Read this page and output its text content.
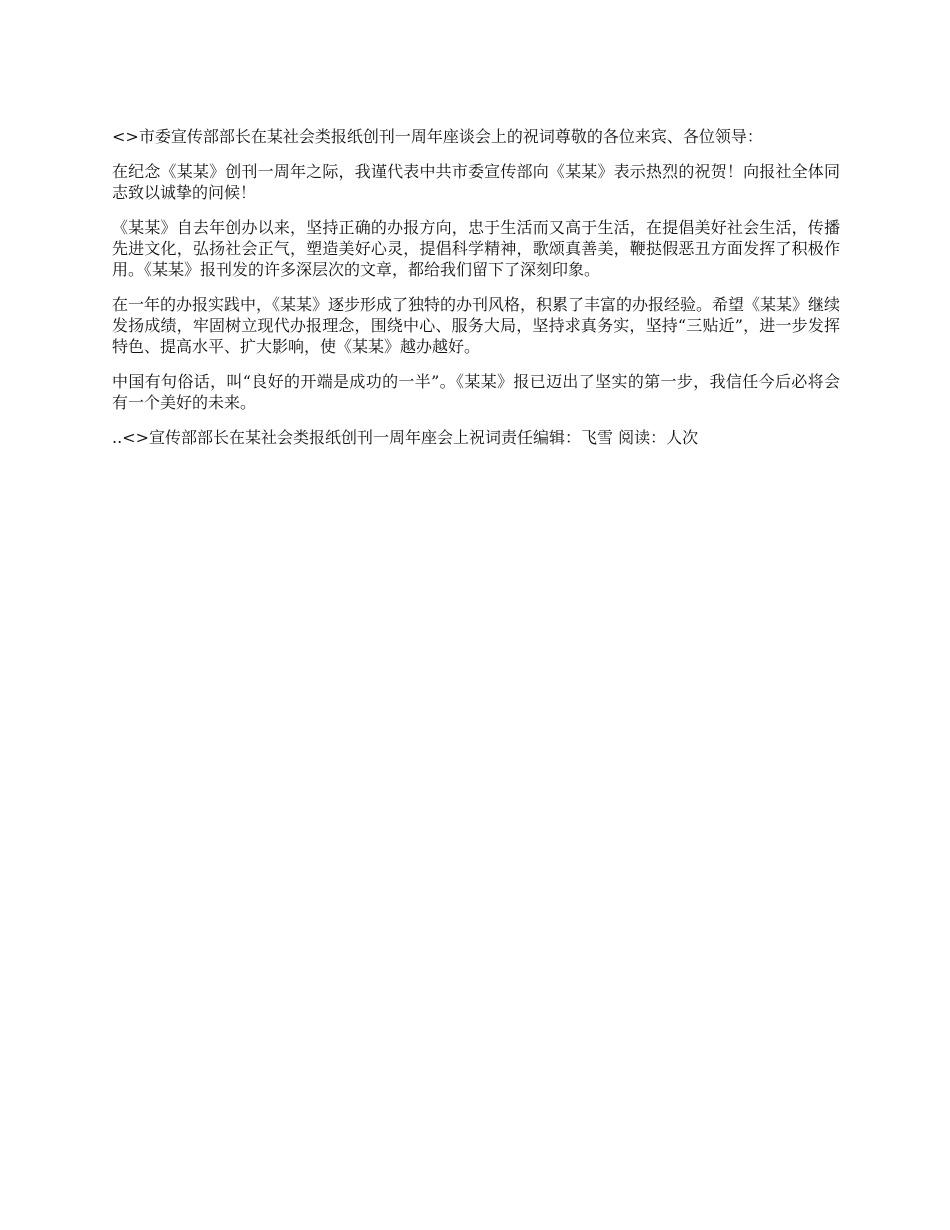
<>市委宣传部部长在某社会类报纸创刊一周年座谈会上的祝词尊敬的各位来宾、各位领导：

在纪念《某某》创刊一周年之际，我谨代表中共市委宣传部向《某某》表示热烈的祝贺！向报社全体同志致以诚挚的问候！

《某某》自去年创办以来，坚持正确的办报方向，忠于生活而又高于生活，在提倡美好社会生活，传播先进文化，弘扬社会正气，塑造美好心灵，提倡科学精神，歌颂真善美，鞭挞假恶丑方面发挥了积极作用。《某某》报刊发的许多深层次的文章，都给我们留下了深刻印象。

在一年的办报实践中，《某某》逐步形成了独特的办刊风格，积累了丰富的办报经验。希望《某某》继续发扬成绩，牢固树立现代办报理念，围绕中心、服务大局，坚持求真务实，坚持“三贴近”，进一步发挥特色、提高水平、扩大影响，使《某某》越办越好。

中国有句俗话，叫“良好的开端是成功的一半”。《某某》报已迈出了坚实的第一步，我信任今后必将会有一个美好的未来。

..<>宣传部部长在某社会类报纸创刊一周年座会上祝词责任编辑：飞雪 阅读：人次
